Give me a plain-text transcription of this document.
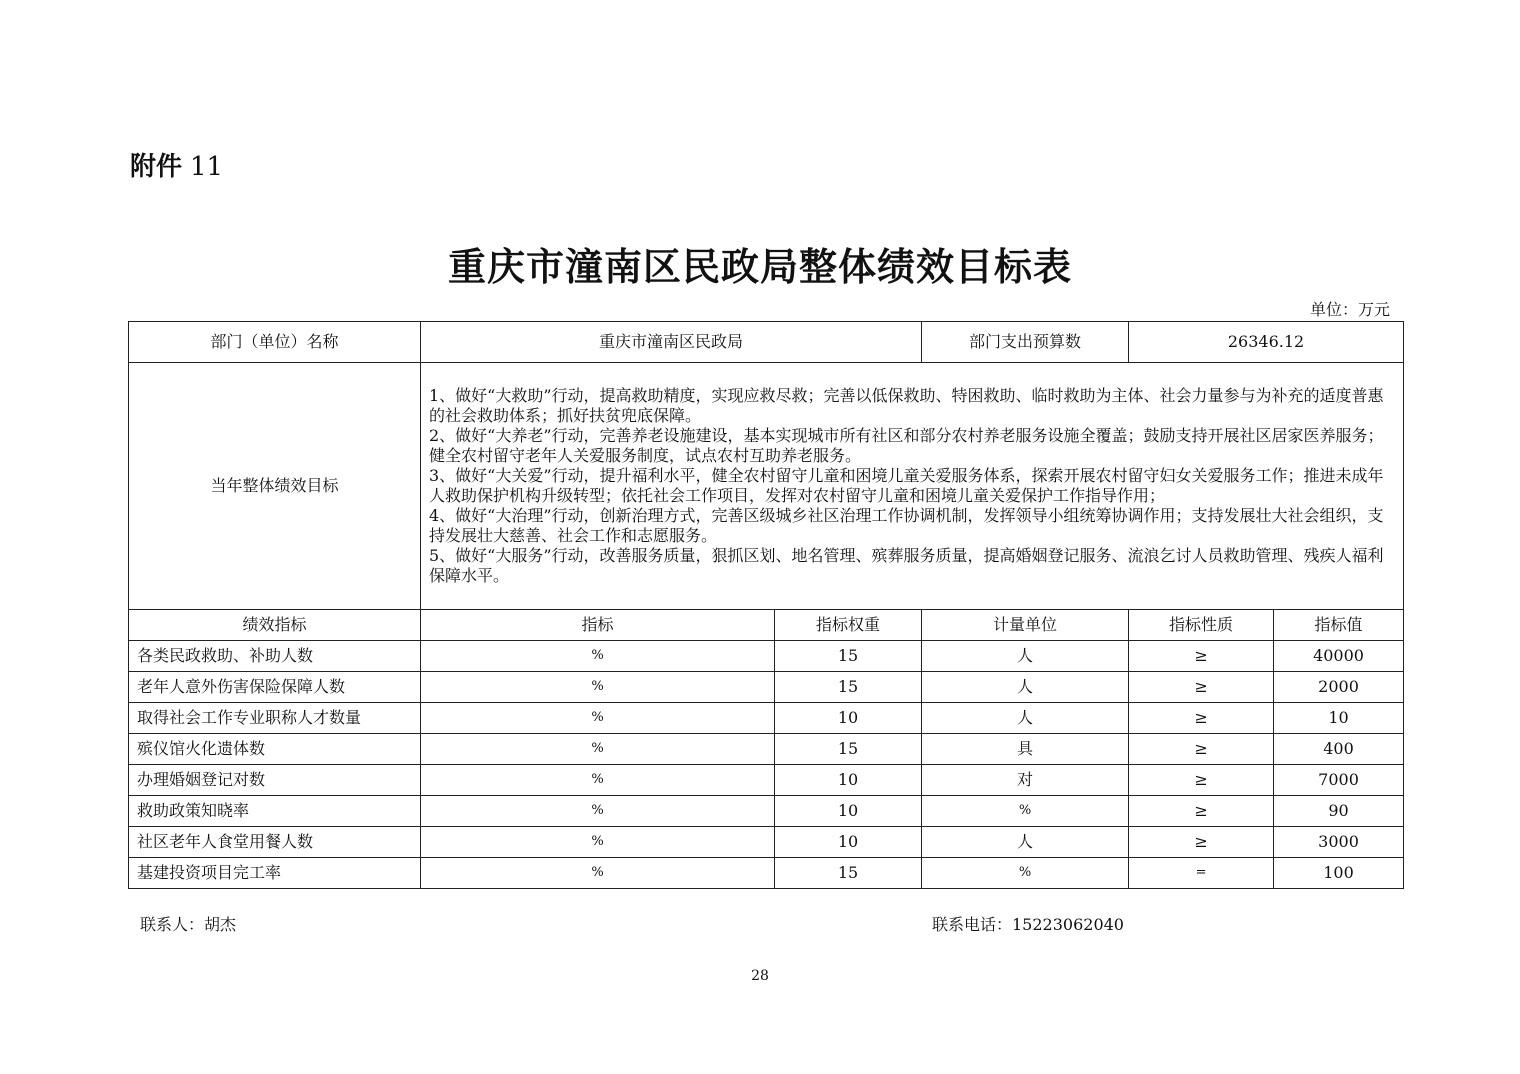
附件 11
重庆市潼南区民政局整体绩效目标表
单位：万元
部门（单位）名称	重庆市潼南区民政局		部门支出预算数	26346.12	
当年整体绩效目标	1、做好“大救助”行动，提高救助精度，实现应救尽救；完善以低保救助、特困救助、临时救助为主体、社会力量参与为补充的适度普惠的社会救助体系；抓好扶贫兜底保障。

2、做好“大养老”行动，完善养老设施建设，基本实现城市所有社区和部分农村养老服务设施全覆盖；鼓励支持开展社区居家医养服务；健全农村留守老年人关爱服务制度，试点农村互助养老服务。

3、做好“大关爱”行动，提升福利水平，健全农村留守儿童和困境儿童关爱服务体系，探索开展农村留守妇女关爱服务工作；推进未成年人救助保护机构升级转型；依托社会工作项目，发挥对农村留守儿童和困境儿童关爱保护工作指导作用；

4、做好“大治理”行动，创新治理方式，完善区级城乡社区治理工作协调机制，发挥领导小组统筹协调作用；支持发展壮大社会组织，支持发展壮大慈善、社会工作和志愿服务。

5、做好“大服务”行动，改善服务质量，狠抓区划、地名管理、殡葬服务质量，提高婚姻登记服务、流浪乞讨人员救助管理、残疾人福利保障水平。				

绩效指标	指标	指标权重	计量单位	指标性质	指标值
各类民政救助、补助人数	%	15	人	≥	40000
老年人意外伤害保险保障人数	%	15	人	≥	2000
取得社会工作专业职称人才数量	%	10	人	≥	10
殡仪馆火化遗体数	%	15	具	≥	400
办理婚姻登记对数	%	10	对	≥	7000
救助政策知晓率	%	10	%	≥	90
社区老年人食堂用餐人数	%	10	人	≥	3000
基建投资项目完工率	%	15	%	=	100
联系人：胡杰	联系电话：15223062040
28
